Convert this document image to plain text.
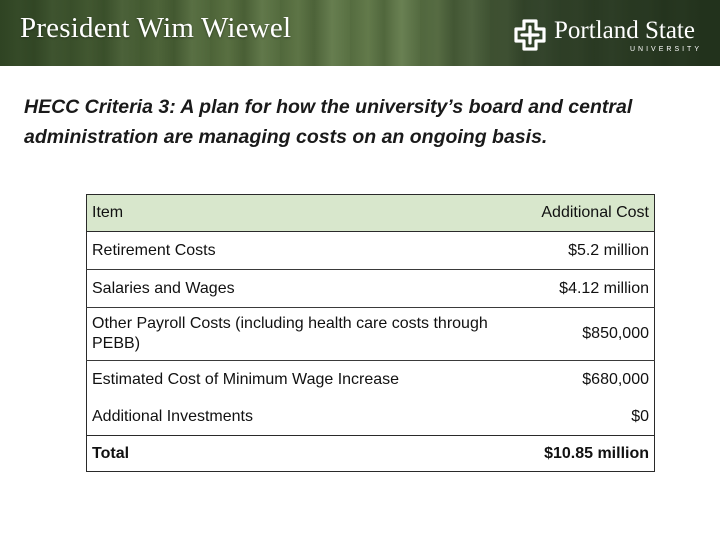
President Wim Wiewel	Portland State
UNIVERSITY
HECC Criteria 3: A plan for how the university’s board and central administration are managing costs on an ongoing basis.
Item	Additional Cost
Retirement Costs	$5.2 million
Salaries and Wages	$4.12 million
Other Payroll Costs (including health care costs through PEBB)	$850,000
Estimated Cost of Minimum Wage Increase	$680,000
Additional Investments	$0
Total	$10.85 million
